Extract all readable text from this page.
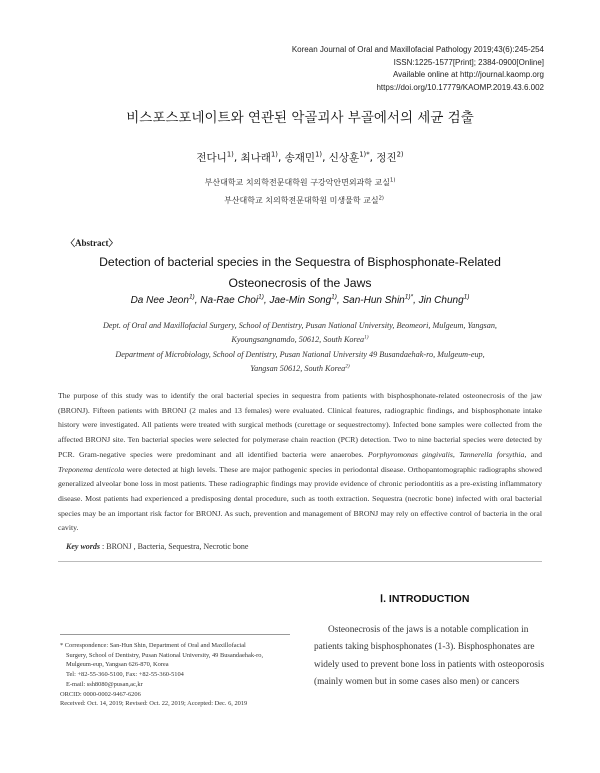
Korean Journal of Oral and Maxillofacial Pathology 2019;43(6):245-254
ISSN:1225-1577[Print]; 2384-0900[Online]
Available online at http://journal.kaomp.org
https://doi.org/10.17779/KAOMP.2019.43.6.002
비스포스포네이트와 연관된 악골괴사 부골에서의 세균 검출
전다니$^{1)}$, 최나래$^{1)}$, 송재민$^{1)}$, 신상훈$^{1)*}$, 정진$^{2)}$
부산대학교 치의학전문대학원 구강악안면외과학 교실$^{1)}$
부산대학교 치의학전문대학원 미생물학 교실$^{2)}$
〈Abstract〉
Detection of bacterial species in the Sequestra of Bisphosphonate-Related
Osteonecrosis of the Jaws
Da Nee Jeon$^{1)}$, Na-Rae Choi$^{1)}$, Jae-Min Song$^{1)}$, San-Hun Shin$^{1)*}$, Jin Chung$^{1)}$
Dept. of Oral and Maxillofacial Surgery, School of Dentistry, Pusan National University, Beomeori, Mulgeum, Yangsan,
Kyoungsangnamdo, 50612, South Korea$^{1)}$
Department of Microbiology, School of Dentistry, Pusan National University 49 Busandaehak-ro, Mulgeum-eup,
Yangsan 50612, South Korea$^{2)}$
The purpose of this study was to identify the oral bacterial species in sequestra from patients with bisphosphonate-related osteonecrosis of the jaw (BRONJ). Fifteen patients with BRONJ (2 males and 13 females) were evaluated. Clinical features, radiographic findings, and bisphosphonate intake history were investigated. All patients were treated with surgical methods (curettage or sequestrectomy). Infected bone samples were collected from the affected BRONJ site. Ten bacterial species were selected for polymerase chain reaction (PCR) detection. Two to nine bacterial species were detected by PCR. Gram-negative species were predominant and all identified bacteria were anaerobes. Porphyromonas gingivalis, Tannerella forsythia, and Treponema denticola were detected at high levels. These are major pathogenic species in periodontal disease. Orthopantomographic radiographs showed generalized alveolar bone loss in most patients. These radiographic findings may provide evidence of chronic periodontitis as a pre-existing inflammatory disease. Most patients had experienced a predisposing dental procedure, such as tooth extraction. Sequestra (necrotic bone) infected with oral bacterial species may be an important risk factor for BRONJ. As such, prevention and management of BRONJ may rely on effective control of bacteria in the oral cavity.
Key words : BRONJ , Bacteria, Sequestra, Necrotic bone
Ⅰ. INTRODUCTION
Osteonecrosis of the jaws is a notable complication in
patients taking bisphosphonates (1-3). Bisphosphonates are
widely used to prevent bone loss in patients with osteoporosis
(mainly women but in some cases also men) or cancers
* Correspondence: San-Hun Shin, Department of Oral and Maxillofacial
Surgery, School of Dentistry, Pusan National University, 49 Busandaehak-ro,
Mulgeum-eup, Yangsan 626-870, Korea
Tel: +82-55-360-5100, Fax: +82-55-360-5104
E-mail: ssh8080@pusan,ac,kr
ORCID: 0000-0002-9467-6206
Received: Oct. 14, 2019; Revised: Oct. 22, 2019; Accepted: Dec. 6, 2019
